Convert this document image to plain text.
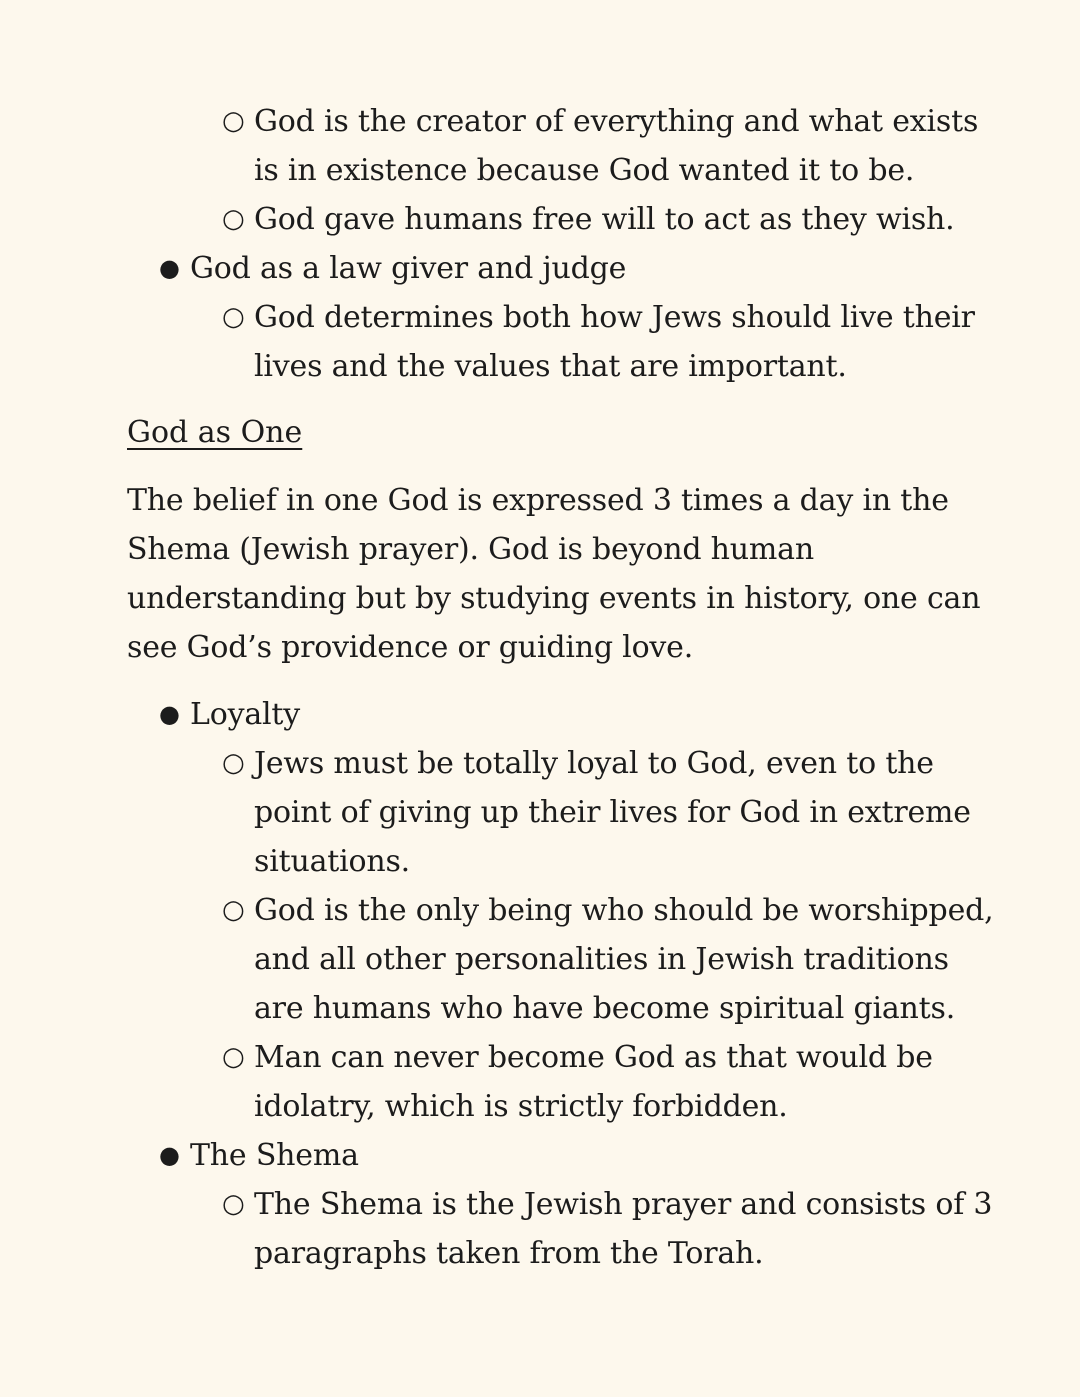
○ God is the creator of everything and what exists
is in existence because God wanted it to be.
○ God gave humans free will to act as they wish.
● God as a law giver and judge
○ God determines both how Jews should live their
lives and the values that are important.
God as One
The belief in one God is expressed 3 times a day in the
Shema (Jewish prayer). God is beyond human
understanding but by studying events in history, one can
see God’s providence or guiding love.
● Loyalty
○ Jews must be totally loyal to God, even to the
point of giving up their lives for God in extreme
situations.
○ God is the only being who should be worshipped,
and all other personalities in Jewish traditions
are humans who have become spiritual giants.
○ Man can never become God as that would be
idolatry, which is strictly forbidden.
● The Shema
○ The Shema is the Jewish prayer and consists of 3
paragraphs taken from the Torah.
